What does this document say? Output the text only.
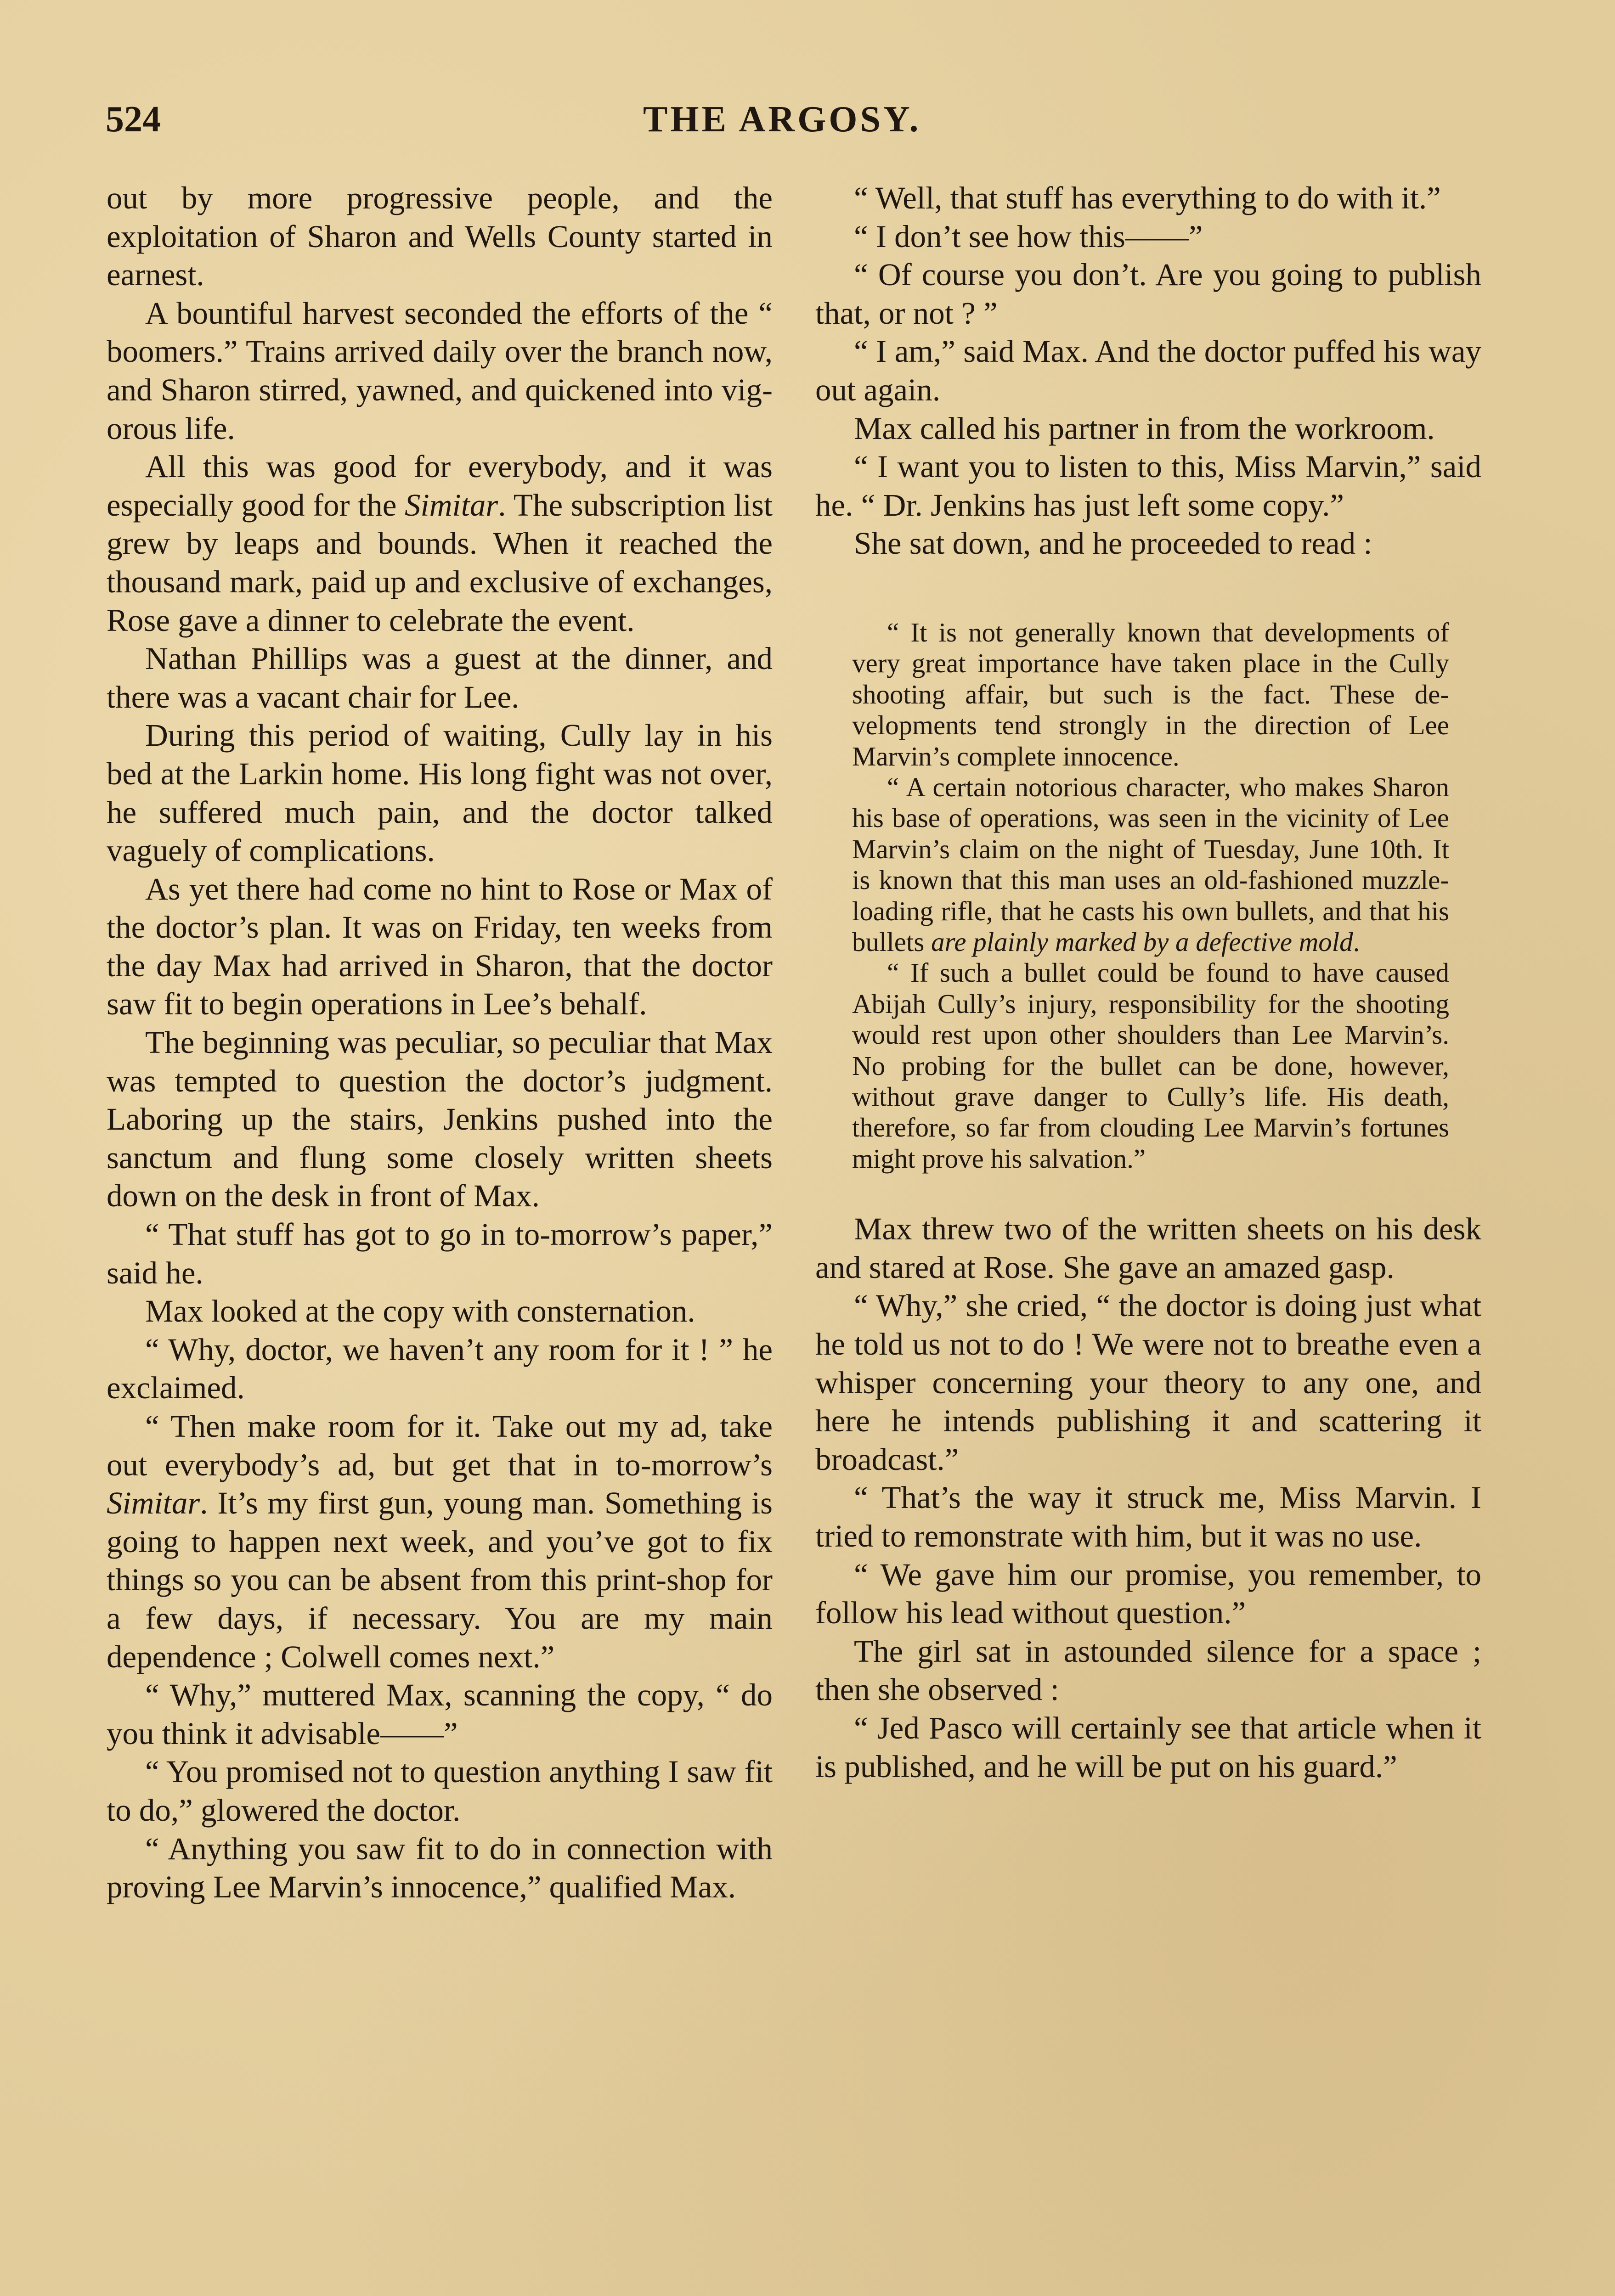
524	THE ARGOSY.

out by more progressive people, and the exploitation of Sharon and Wells County started in earnest.

A bountiful harvest seconded the efforts of the “ boomers.” Trains arrived daily over the branch now, and Sharon stirred, yawned, and quickened into vigorous life.

All this was good for everybody, and it was especially good for the Simitar. The subscription list grew by leaps and bounds. When it reached the thousand mark, paid up and exclusive of exchanges, Rose gave a dinner to celebrate the event.

Nathan Phillips was a guest at the dinner, and there was a vacant chair for Lee.

During this period of waiting, Cully lay in his bed at the Larkin home. His long fight was not over, he suffered much pain, and the doctor talked vaguely of complications.

As yet there had come no hint to Rose or Max of the doctor’s plan. It was on Friday, ten weeks from the day Max had arrived in Sharon, that the doctor saw fit to begin operations in Lee’s behalf.

The beginning was peculiar, so peculiar that Max was tempted to question the doctor’s judgment. Laboring up the stairs, Jenkins pushed into the sanctum and flung some closely written sheets down on the desk in front of Max.

“ That stuff has got to go in to-morrow’s paper,” said he.

Max looked at the copy with consternation.

“ Why, doctor, we haven’t any room for it ! ” he exclaimed.

“ Then make room for it. Take out my ad, take out everybody’s ad, but get that in to-morrow’s Simitar. It’s my first gun, young man. Something is going to happen next week, and you’ve got to fix things so you can be absent from this print-shop for a few days, if necessary. You are my main dependence ; Colwell comes next.”

“ Why,” muttered Max, scanning the copy, “ do you think it advisable——”

“ You promised not to question anything I saw fit to do,” glowered the doctor.

“ Anything you saw fit to do in connection with proving Lee Marvin’s innocence,” qualified Max.

“ Well, that stuff has everything to do with it.”

“ I don’t see how this——”

“ Of course you don’t. Are you going to publish that, or not ? ”

“ I am,” said Max. And the doctor puffed his way out again.

Max called his partner in from the workroom.

“ I want you to listen to this, Miss Marvin,” said he. “ Dr. Jenkins has just left some copy.”

She sat down, and he proceeded to read :

“ It is not generally known that developments of very great importance have taken place in the Cully shooting affair, but such is the fact. These developments tend strongly in the direction of Lee Marvin’s complete innocence.

“ A certain notorious character, who makes Sharon his base of operations, was seen in the vicinity of Lee Marvin’s claim on the night of Tuesday, June 10th. It is known that this man uses an old-fashioned muzzle-loading rifle, that he casts his own bullets, and that his bullets are plainly marked by a defective mold.

“ If such a bullet could be found to have caused Abijah Cully’s injury, responsibility for the shooting would rest upon other shoulders than Lee Marvin’s. No probing for the bullet can be done, however, without grave danger to Cully’s life. His death, therefore, so far from clouding Lee Marvin’s fortunes might prove his salvation.”

Max threw two of the written sheets on his desk and stared at Rose. She gave an amazed gasp.

“ Why,” she cried, “ the doctor is doing just what he told us not to do ! We were not to breathe even a whisper concerning your theory to any one, and here he intends publishing it and scattering it broadcast.”

“ That’s the way it struck me, Miss Marvin. I tried to remonstrate with him, but it was no use.

“ We gave him our promise, you remember, to follow his lead without question.”

The girl sat in astounded silence for a space ; then she observed :

“ Jed Pasco will certainly see that article when it is published, and he will be put on his guard.”
